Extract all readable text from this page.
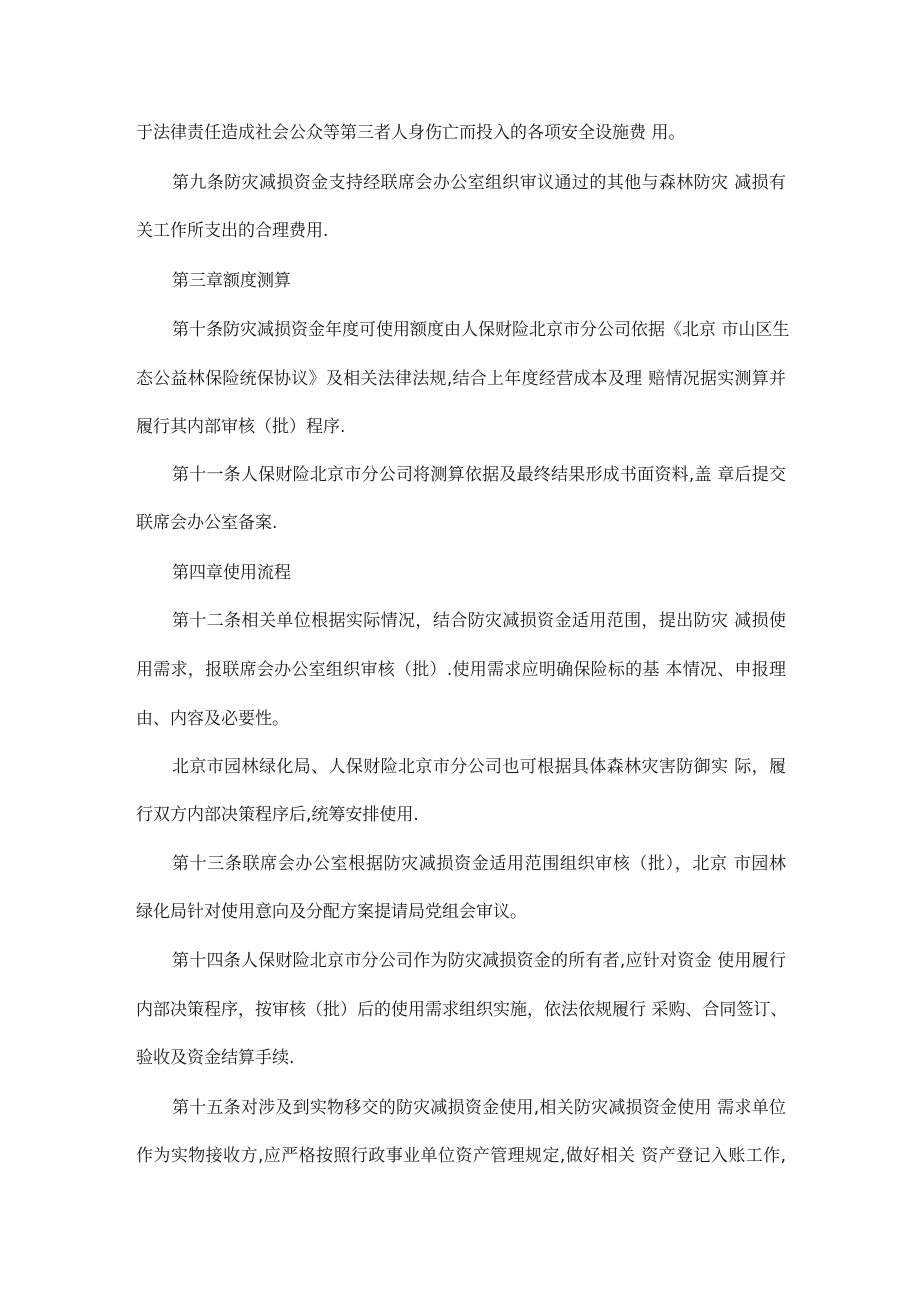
于法律责任造成社会公众等第三者人身伤亡而投入的各项安全设施费 用。
第九条防灾减损资金支持经联席会办公室组织审议通过的其他与森林防灾 减损有
关工作所支出的合理费用.
第三章额度测算
第十条防灾减损资金年度可使用额度由人保财险北京市分公司依据《北京 市山区生
态公益林保险统保协议》及相关法律法规,结合上年度经营成本及理 赔情况据实测算并
履行其内部审核（批）程序.
第十一条人保财险北京市分公司将测算依据及最终结果形成书面资料,盖 章后提交
联席会办公室备案.
第四章使用流程
第十二条相关单位根据实际情况，结合防灾减损资金适用范围，提出防灾 减损使
用需求，报联席会办公室组织审核（批）.使用需求应明确保险标的基 本情况、申报理
由、内容及必要性。
北京市园林绿化局、人保财险北京市分公司也可根据具体森林灾害防御实 际，履
行双方内部决策程序后,统筹安排使用.
第十三条联席会办公室根据防灾减损资金适用范围组织审核（批），北京 市园林
绿化局针对使用意向及分配方案提请局党组会审议。
第十四条人保财险北京市分公司作为防灾减损资金的所有者,应针对资金 使用履行
内部决策程序，按审核（批）后的使用需求组织实施，依法依规履行 采购、合同签订、
验收及资金结算手续.
第十五条对涉及到实物移交的防灾减损资金使用,相关防灾减损资金使用 需求单位
作为实物接收方,应严格按照行政事业单位资产管理规定,做好相关 资产登记入账工作,
